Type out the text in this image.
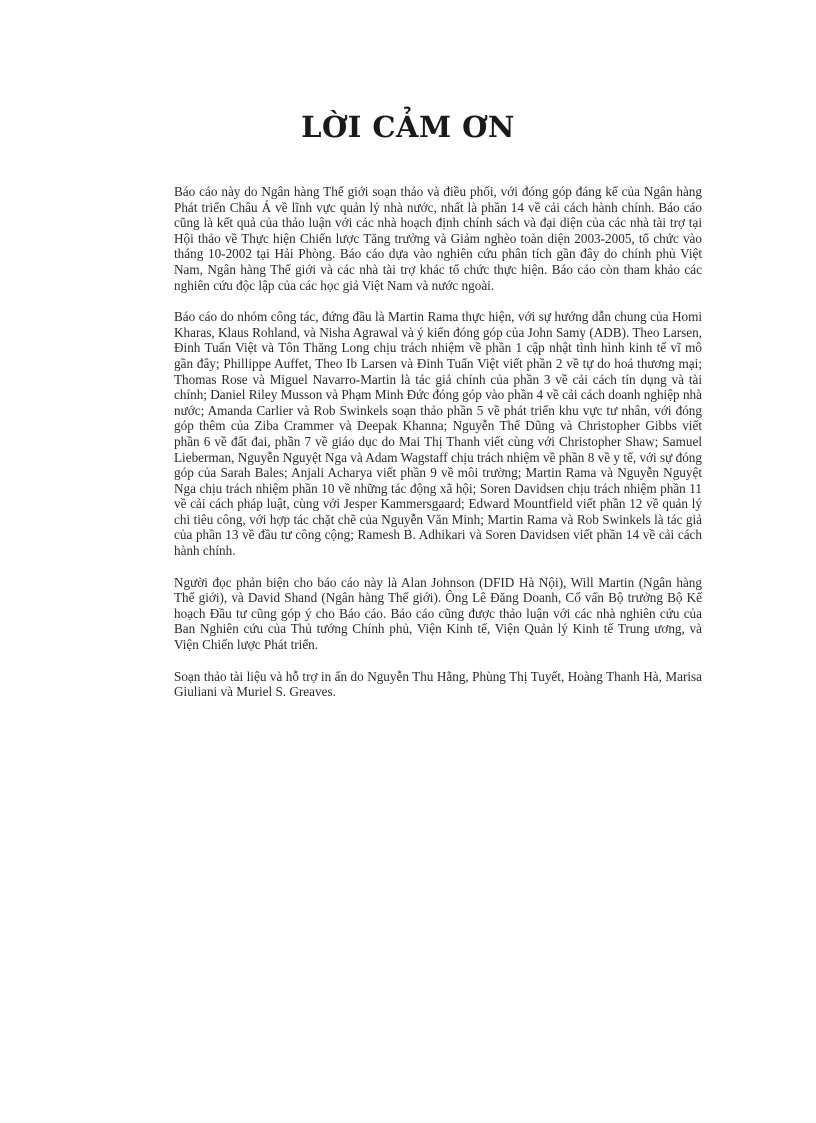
LỜI CẢM ƠN

Báo cáo này do Ngân hàng Thế giới soạn thảo và điều phối, với đóng góp đáng kể của Ngân hàng Phát triển Châu Á về lĩnh vực quản lý nhà nước, nhất là phần 14 về cải cách hành chính. Báo cáo cũng là kết quả của thảo luận với các nhà hoạch định chính sách và đại diện của các nhà tài trợ tại Hội thảo về Thực hiện Chiến lược Tăng trưởng và Giảm nghèo toàn diện 2003-2005, tổ chức vào tháng 10-2002 tại Hải Phòng. Báo cáo dựa vào nghiên cứu phân tích gần đây do chính phủ Việt Nam, Ngân hàng Thế giới và các nhà tài trợ khác tổ chức thực hiện. Báo cáo còn tham khảo các nghiên cứu độc lập của các học giả Việt Nam và nước ngoài.

Báo cáo do nhóm công tác, đứng đầu là Martin Rama thực hiện, với sự hướng dẫn chung của Homi Kharas, Klaus Rohland, và Nisha Agrawal và ý kiến đóng góp của John Samy (ADB). Theo Larsen, Đinh Tuấn Việt và Tôn Thăng Long chịu trách nhiệm về phần 1 cập nhật tình hình kinh tế vĩ mô gần đây; Phillippe Auffet, Theo Ib Larsen và Đinh Tuấn Việt viết phần 2 về tự do hoá thương mại; Thomas Rose và Miguel Navarro-Martin là tác giả chính của phần 3 về cải cách tín dụng và tài chính; Daniel Riley Musson và Phạm Minh Đức đóng góp vào phần 4 về cải cách doanh nghiệp nhà nước; Amanda Carlier và Rob Swinkels soạn thảo phần 5 về phát triển khu vực tư nhân, với đóng góp thêm của Ziba Crammer và Deepak Khanna; Nguyễn Thế Dũng và Christopher Gibbs viết phần 6 về đất đai, phần 7 về giáo dục do Mai Thị Thanh viết cùng với Christopher Shaw; Samuel Lieberman, Nguyễn Nguyệt Nga và Adam Wagstaff chịu trách nhiệm về phần 8 về y tế, với sự đóng góp của Sarah Bales; Anjali Acharya viết phần 9 về môi trường; Martin Rama và Nguyễn Nguyệt Nga chịu trách nhiệm phần 10 về những tác động xã hội; Soren Davidsen chịu trách nhiệm phần 11 về cải cách pháp luật, cùng với Jesper Kammersgaard; Edward Mountfield viết phần 12 về quản lý chi tiêu công, với hợp tác chặt chẽ của Nguyễn Văn Minh; Martin Rama và Rob Swinkels là tác giả của phần 13 về đầu tư công cộng; Ramesh B. Adhikari và Soren Davidsen viết phần 14 về cải cách hành chính.

Người đọc phản biện cho báo cáo này là Alan Johnson (DFID Hà Nội), Will Martin (Ngân hàng Thế giới), và David Shand (Ngân hàng Thế giới). Ông Lê Đăng Doanh, Cố vấn Bộ trưởng Bộ Kế hoạch Đầu tư cũng góp ý cho Báo cáo. Báo cáo cũng được thảo luận với các nhà nghiên cứu của Ban Nghiên cứu của Thủ tướng Chính phủ, Viện Kinh tế, Viện Quản lý Kinh tế Trung ương, và Viện Chiến lược Phát triển.

Soạn thảo tài liệu và hỗ trợ in ấn do Nguyễn Thu Hằng, Phùng Thị Tuyết, Hoàng Thanh Hà, Marisa Giuliani và Muriel S. Greaves.
